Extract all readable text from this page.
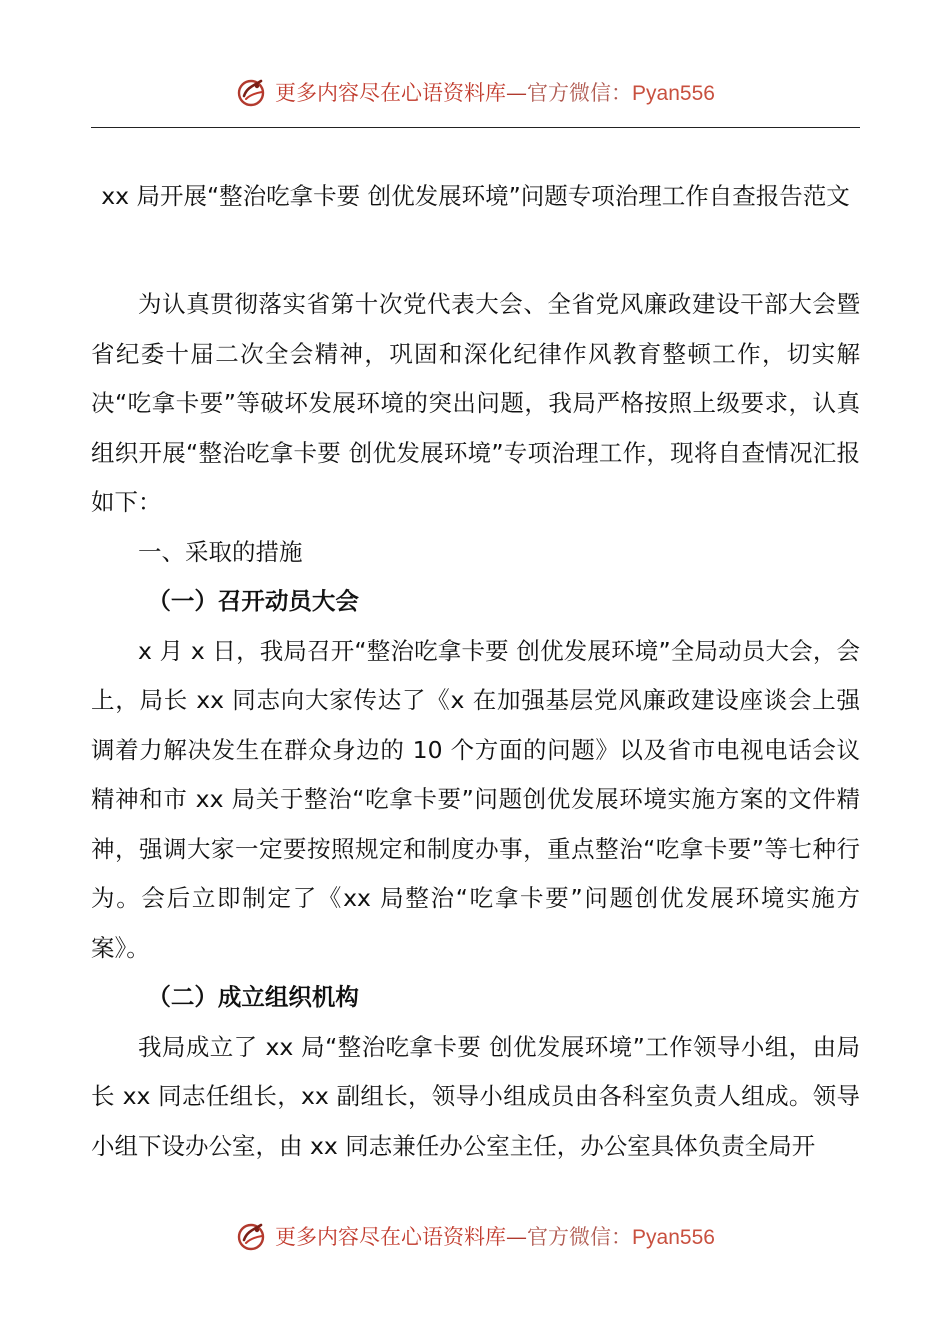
更多内容尽在心语资料库—官方微信：Pyan556
xx 局开展“整治吃拿卡要 创优发展环境”问题专项治理工作自查报告范文

为认真贯彻落实省第十次党代表大会、全省党风廉政建设干部大会暨省纪委十届二次全会精神，巩固和深化纪律作风教育整顿工作，切实解决“吃拿卡要”等破坏发展环境的突出问题，我局严格按照上级要求，认真组织开展“整治吃拿卡要 创优发展环境”专项治理工作，现将自查情况汇报如下：

一、采取的措施

（一）召开动员大会

x 月 x 日，我局召开“整治吃拿卡要 创优发展环境”全局动员大会，会上，局长 xx 同志向大家传达了《x 在加强基层党风廉政建设座谈会上强调着力解决发生在群众身边的 10 个方面的问题》以及省市电视电话会议精神和市 xx 局关于整治“吃拿卡要”问题创优发展环境实施方案的文件精神，强调大家一定要按照规定和制度办事，重点整治“吃拿卡要”等七种行为。会后立即制定了《xx 局整治“吃拿卡要”问题创优发展环境实施方案》。

（二）成立组织机构

我局成立了 xx 局“整治吃拿卡要 创优发展环境”工作领导小组，由局长 xx 同志任组长，xx 副组长，领导小组成员由各科室负责人组成。领导小组下设办公室，由 xx 同志兼任办公室主任，办公室具体负责全局开

更多内容尽在心语资料库—官方微信：Pyan556
